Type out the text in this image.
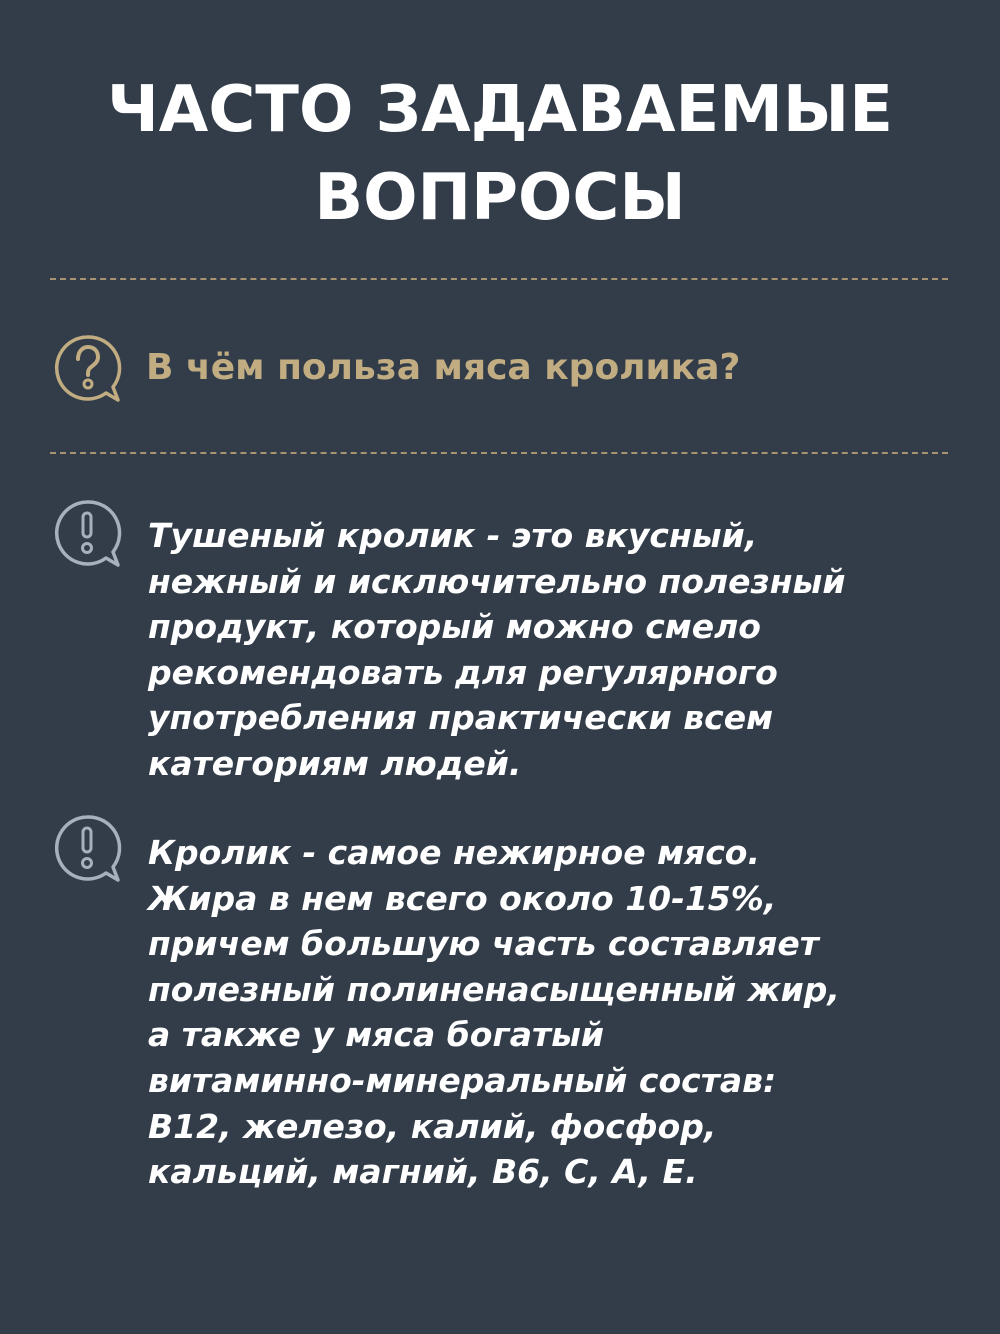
ЧАСТО ЗАДАВАЕМЫЕ
ВОПРОСЫ
В чём польза мяса кролика?
Тушеный кролик - это вкусный,
нежный и исключительно полезный
продукт, который можно смело
рекомендовать для регулярного
употребления практически всем
категориям людей.
Кролик - самое нежирное мясо.
Жира в нем всего около 10-15%,
причем большую часть составляет
полезный полиненасыщенный жир,
а также у мяса богатый
витаминно-минеральный состав:
B12, железо, калий, фосфор,
кальций, магний, B6, C, A, E.
